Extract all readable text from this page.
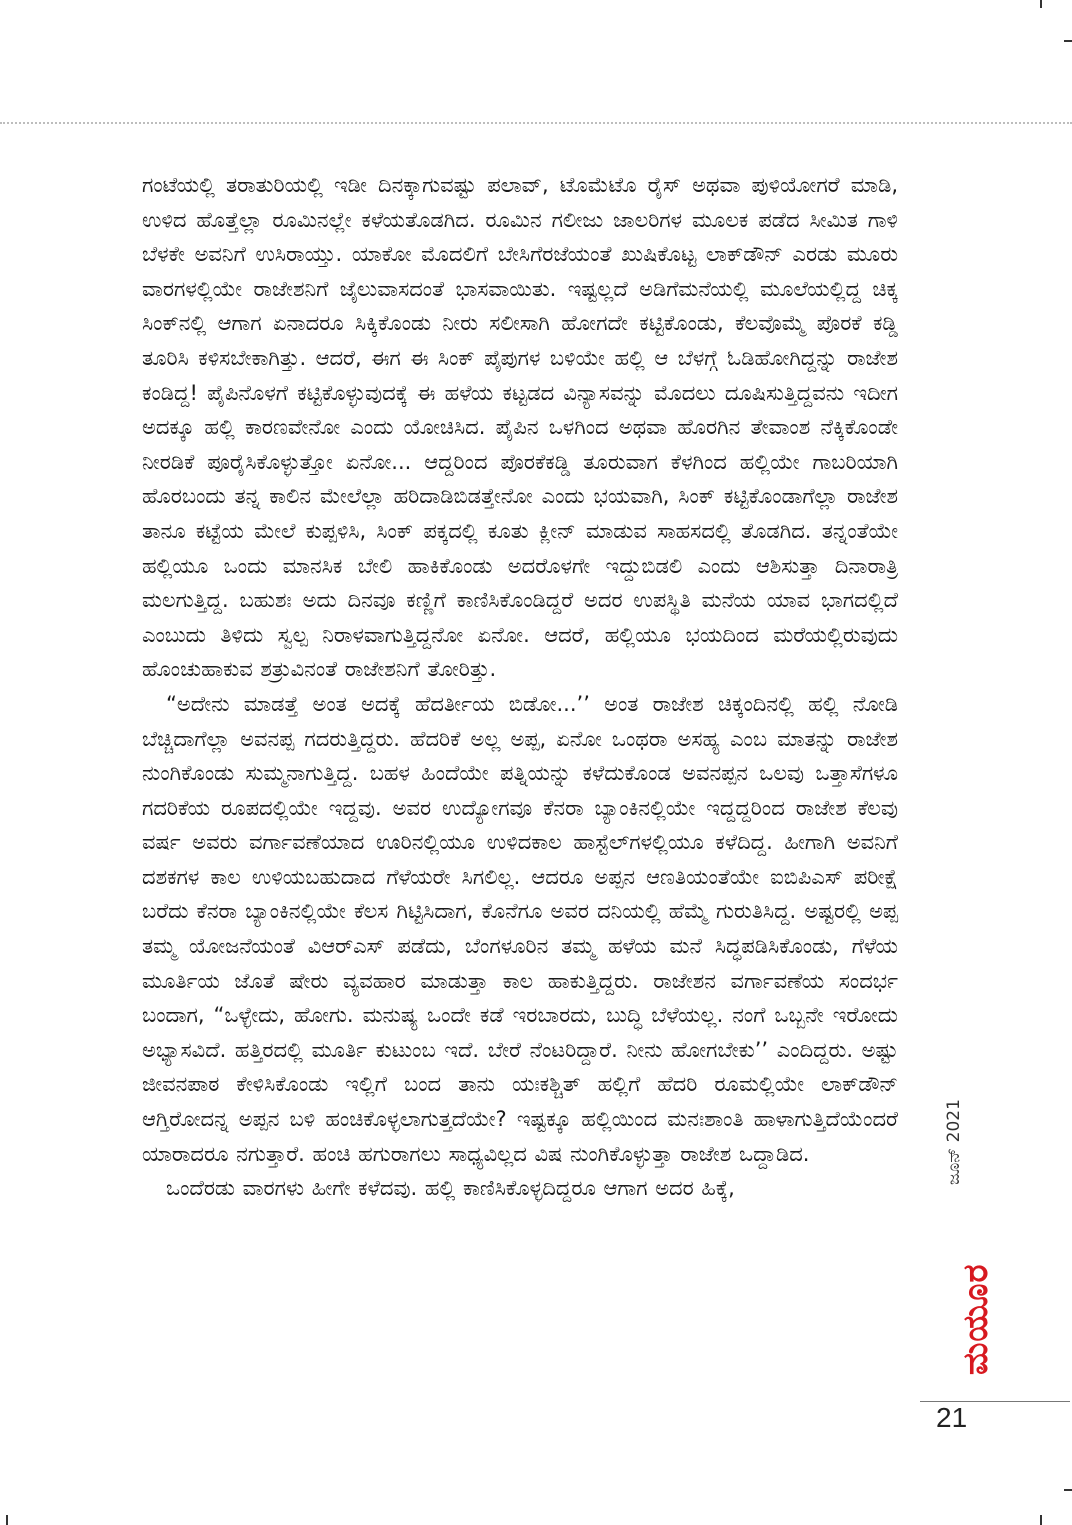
ಗಂಟೆಯಲ್ಲಿ ತರಾತುರಿಯಲ್ಲಿ ಇಡೀ ದಿನಕ್ಕಾಗುವಷ್ಟು ಪಲಾವ್, ಟೊಮೆಟೊ ರೈಸ್ ಅಥವಾ ಪುಳಿಯೋಗರೆ ಮಾಡಿ, ಉಳಿದ ಹೊತ್ತೆಲ್ಲಾ ರೂಮಿನಲ್ಲೇ ಕಳೆಯತೊಡಗಿದ. ರೂಮಿನ ಗಲೀಜು ಜಾಲರಿಗಳ ಮೂಲಕ ಪಡೆದ ಸೀಮಿತ ಗಾಳಿ ಬೆಳಕೇ ಅವನಿಗೆ ಉಸಿರಾಯ್ತು. ಯಾಕೋ ಮೊದಲಿಗೆ ಬೇಸಿಗೆರಜೆಯಂತೆ ಖುಷಿಕೊಟ್ಟ ಲಾಕ್‌ಡೌನ್ ಎರಡು ಮೂರು ವಾರಗಳಲ್ಲಿಯೇ ರಾಜೇಶನಿಗೆ ಜೈಲುವಾಸದಂತೆ ಭಾಸವಾಯಿತು. ಇಷ್ಟಲ್ಲದೆ ಅಡಿಗೆಮನೆಯಲ್ಲಿ ಮೂಲೆಯಲ್ಲಿದ್ದ ಚಿಕ್ಕ ಸಿಂಕ್‌ನಲ್ಲಿ ಆಗಾಗ ಏನಾದರೂ ಸಿಕ್ಕಿಕೊಂಡು ನೀರು ಸಲೀಸಾಗಿ ಹೋಗದೇ ಕಟ್ಟಿಕೊಂಡು, ಕೆಲವೊಮ್ಮೆ ಪೊರಕೆ ಕಡ್ಡಿ ತೂರಿಸಿ ಕಳಿಸಬೇಕಾಗಿತ್ತು. ಆದರೆ, ಈಗ ಈ ಸಿಂಕ್ ಪೈಪುಗಳ ಬಳಿಯೇ ಹಲ್ಲಿ ಆ ಬೆಳಗ್ಗೆ ಓಡಿಹೋಗಿದ್ದನ್ನು ರಾಜೇಶ ಕಂಡಿದ್ದ! ಪೈಪಿನೊಳಗೆ ಕಟ್ಟಿಕೊಳ್ಳುವುದಕ್ಕೆ ಈ ಹಳೆಯ ಕಟ್ಟಡದ ವಿನ್ಯಾಸವನ್ನು ಮೊದಲು ದೂಷಿಸುತ್ತಿದ್ದವನು ಇದೀಗ ಅದಕ್ಕೂ ಹಲ್ಲಿ ಕಾರಣವೇನೋ ಎಂದು ಯೋಚಿಸಿದ. ಪೈಪಿನ ಒಳಗಿಂದ ಅಥವಾ ಹೊರಗಿನ ತೇವಾಂಶ ನೆಕ್ಕಿಕೊಂಡೇ ನೀರಡಿಕೆ ಪೂರೈಸಿಕೊಳ್ಳುತ್ತೋ ಏನೋ... ಆದ್ದರಿಂದ ಪೊರಕೆಕಡ್ಡಿ ತೂರುವಾಗ ಕೆಳಗಿಂದ ಹಲ್ಲಿಯೇ ಗಾಬರಿಯಾಗಿ ಹೊರಬಂದು ತನ್ನ ಕಾಲಿನ ಮೇಲೆಲ್ಲಾ ಹರಿದಾಡಿಬಿಡತ್ತೇನೋ ಎಂದು ಭಯವಾಗಿ, ಸಿಂಕ್ ಕಟ್ಟಿಕೊಂಡಾಗೆಲ್ಲಾ ರಾಜೇಶ ತಾನೂ ಕಟ್ಟೆಯ ಮೇಲೆ ಕುಪ್ಪಳಿಸಿ, ಸಿಂಕ್ ಪಕ್ಕದಲ್ಲಿ ಕೂತು ಕ್ಲೀನ್ ಮಾಡುವ ಸಾಹಸದಲ್ಲಿ ತೊಡಗಿದ. ತನ್ನಂತೆಯೇ ಹಲ್ಲಿಯೂ ಒಂದು ಮಾನಸಿಕ ಬೇಲಿ ಹಾಕಿಕೊಂಡು ಅದರೊಳಗೇ ಇದ್ದುಬಿಡಲಿ ಎಂದು ಆಶಿಸುತ್ತಾ ದಿನಾರಾತ್ರಿ ಮಲಗುತ್ತಿದ್ದ. ಬಹುಶಃ ಅದು ದಿನವೂ ಕಣ್ಣಿಗೆ ಕಾಣಿಸಿಕೊಂಡಿದ್ದರೆ ಅದರ ಉಪಸ್ಥಿತಿ ಮನೆಯ ಯಾವ ಭಾಗದಲ್ಲಿದೆ ಎಂಬುದು ತಿಳಿದು ಸ್ವಲ್ಪ ನಿರಾಳವಾಗುತ್ತಿದ್ದನೋ ಏನೋ. ಆದರೆ, ಹಲ್ಲಿಯೂ ಭಯದಿಂದ ಮರೆಯಲ್ಲಿರುವುದು ಹೊಂಚುಹಾಕುವ ಶತ್ರುವಿನಂತೆ ರಾಜೇಶನಿಗೆ ತೋರಿತ್ತು.

“ಅದೇನು ಮಾಡತ್ತೆ ಅಂತ ಅದಕ್ಕೆ ಹೆದರ್ತೀಯ ಬಿಡೋ...’’ ಅಂತ ರಾಜೇಶ ಚಿಕ್ಕಂದಿನಲ್ಲಿ ಹಲ್ಲಿ ನೋಡಿ ಬೆಚ್ಚಿದಾಗೆಲ್ಲಾ ಅವನಪ್ಪ ಗದರುತ್ತಿದ್ದರು. ಹೆದರಿಕೆ ಅಲ್ಲ ಅಪ್ಪ, ಏನೋ ಒಂಥರಾ ಅಸಹ್ಯ ಎಂಬ ಮಾತನ್ನು ರಾಜೇಶ ನುಂಗಿಕೊಂಡು ಸುಮ್ಮನಾಗುತ್ತಿದ್ದ. ಬಹಳ ಹಿಂದೆಯೇ ಪತ್ನಿಯನ್ನು ಕಳೆದುಕೊಂಡ ಅವನಪ್ಪನ ಒಲವು ಒತ್ತಾಸೆಗಳೂ ಗದರಿಕೆಯ ರೂಪದಲ್ಲಿಯೇ ಇದ್ದವು. ಅವರ ಉದ್ಯೋಗವೂ ಕೆನರಾ ಬ್ಯಾಂಕಿನಲ್ಲಿಯೇ ಇದ್ದದ್ದರಿಂದ ರಾಜೇಶ ಕೆಲವು ವರ್ಷ ಅವರು ವರ್ಗಾವಣೆಯಾದ ಊರಿನಲ್ಲಿಯೂ ಉಳಿದಕಾಲ ಹಾಸ್ಟೆಲ್‌ಗಳಲ್ಲಿಯೂ ಕಳೆದಿದ್ದ. ಹೀಗಾಗಿ ಅವನಿಗೆ ದಶಕಗಳ ಕಾಲ ಉಳಿಯಬಹುದಾದ ಗೆಳೆಯರೇ ಸಿಗಲಿಲ್ಲ. ಆದರೂ ಅಪ್ಪನ ಆಣತಿಯಂತೆಯೇ ಐಬಿಪಿಎಸ್ ಪರೀಕ್ಷೆ ಬರೆದು ಕೆನರಾ ಬ್ಯಾಂಕಿನಲ್ಲಿಯೇ ಕೆಲಸ ಗಿಟ್ಟಿಸಿದಾಗ, ಕೊನೆಗೂ ಅವರ ದನಿಯಲ್ಲಿ ಹೆಮ್ಮೆ ಗುರುತಿಸಿದ್ದ. ಅಷ್ಟರಲ್ಲಿ ಅಪ್ಪ ತಮ್ಮ ಯೋಜನೆಯಂತೆ ವಿಆರ್‌ಎಸ್ ಪಡೆದು, ಬೆಂಗಳೂರಿನ ತಮ್ಮ ಹಳೆಯ ಮನೆ ಸಿದ್ಧಪಡಿಸಿಕೊಂಡು, ಗೆಳೆಯ ಮೂರ್ತಿಯ ಜೊತೆ ಷೇರು ವ್ಯವಹಾರ ಮಾಡುತ್ತಾ ಕಾಲ ಹಾಕುತ್ತಿದ್ದರು. ರಾಜೇಶನ ವರ್ಗಾವಣೆಯ ಸಂದರ್ಭ ಬಂದಾಗ, “ಒಳ್ಳೇದು, ಹೋಗು. ಮನುಷ್ಯ ಒಂದೇ ಕಡೆ ಇರಬಾರದು, ಬುದ್ಧಿ ಬೆಳೆಯಲ್ಲ. ನಂಗೆ ಒಬ್ಬನೇ ಇರೋದು ಅಭ್ಯಾಸವಿದೆ. ಹತ್ತಿರದಲ್ಲಿ ಮೂರ್ತಿ ಕುಟುಂಬ ಇದೆ. ಬೇರೆ ನೆಂಟರಿದ್ದಾರೆ. ನೀನು ಹೋಗಬೇಕು’’ ಎಂದಿದ್ದರು. ಅಷ್ಟು ಜೀವನಪಾಠ ಕೇಳಿಸಿಕೊಂಡು ಇಲ್ಲಿಗೆ ಬಂದ ತಾನು ಯಃಕಶ್ಚಿತ್ ಹಲ್ಲಿಗೆ ಹೆದರಿ ರೂಮಲ್ಲಿಯೇ ಲಾಕ್‌ಡೌನ್ ಆಗ್ತಿರೋದನ್ನ ಅಪ್ಪನ ಬಳಿ ಹಂಚಿಕೊಳ್ಳಲಾಗುತ್ತದೆಯೇ? ಇಷ್ಟಕ್ಕೂ ಹಲ್ಲಿಯಿಂದ ಮನಃಶಾಂತಿ ಹಾಳಾಗುತ್ತಿದೆಯೆಂದರೆ ಯಾರಾದರೂ ನಗುತ್ತಾರೆ. ಹಂಚಿ ಹಗುರಾಗಲು ಸಾಧ್ಯವಿಲ್ಲದ ವಿಷ ನುಂಗಿಕೊಳ್ಳುತ್ತಾ ರಾಜೇಶ ಒದ್ದಾಡಿದ.

ಒಂದೆರಡು ವಾರಗಳು ಹೀಗೇ ಕಳೆದವು. ಹಲ್ಲಿ ಕಾಣಿಸಿಕೊಳ್ಳದಿದ್ದರೂ ಆಗಾಗ ಅದರ ಹಿಕ್ಕೆ,

ಜೂನ್ 2021
ಮಯೂರ
21
